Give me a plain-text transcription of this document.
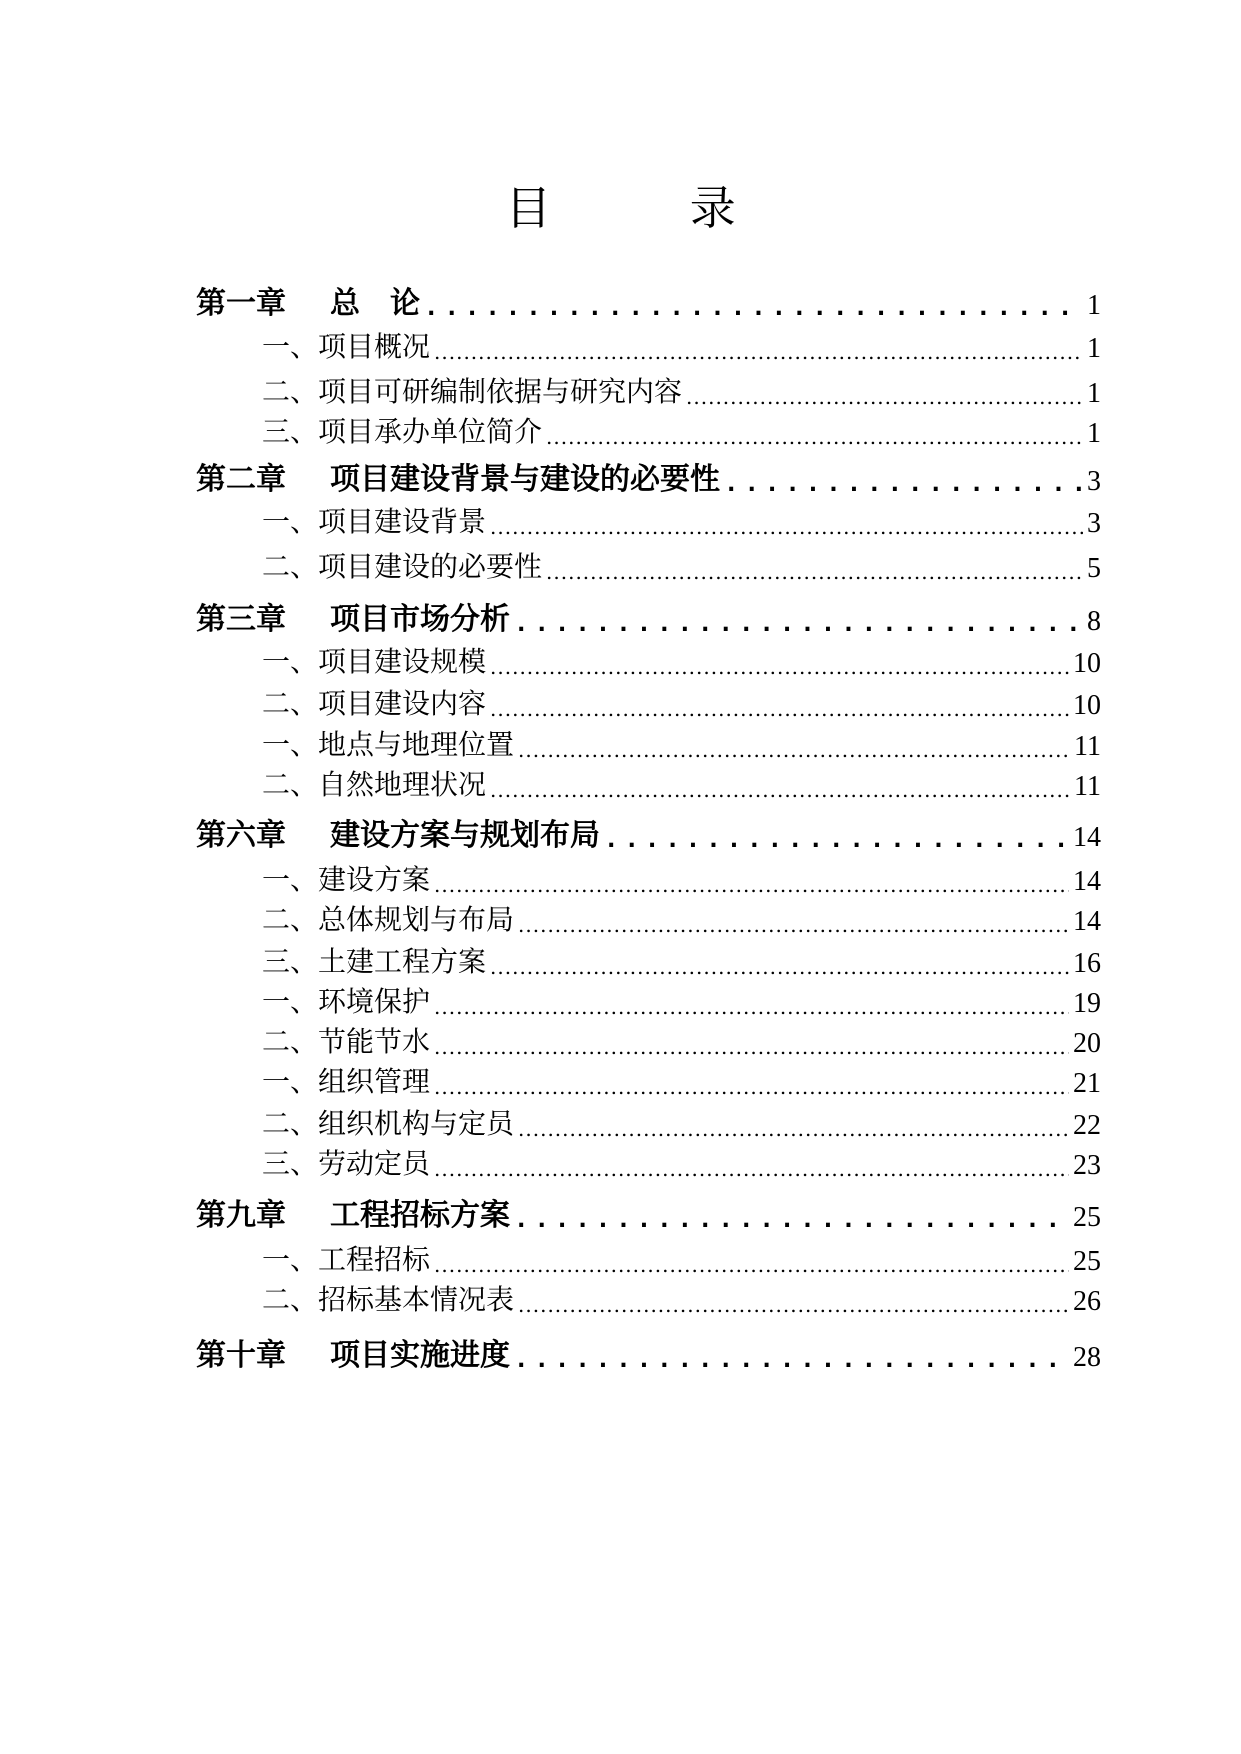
目 录
第一章	总　论 .....	1
一、项目概况 .....	1
二、项目可研编制依据与研究内容 .....	1
三、项目承办单位简介 .....	1
第二章	项目建设背景与建设的必要性 .....	3
一、项目建设背景 .....	3
二、项目建设的必要性 .....	5
第三章	项目市场分析 .....	8
一、项目建设规模 .....	10
二、项目建设内容 .....	10
一、地点与地理位置 .....	11
二、自然地理状况 .....	11
第六章	建设方案与规划布局 .....	14
一、建设方案 .....	14
二、总体规划与布局 .....	14
三、土建工程方案 .....	16
一、环境保护 .....	19
二、节能节水 .....	20
一、组织管理 .....	21
二、组织机构与定员 .....	22
三、劳动定员 .....	23
第九章	工程招标方案 .....	25
一、工程招标 .....	25
二、招标基本情况表 .....	26
第十章	项目实施进度 .....	28
